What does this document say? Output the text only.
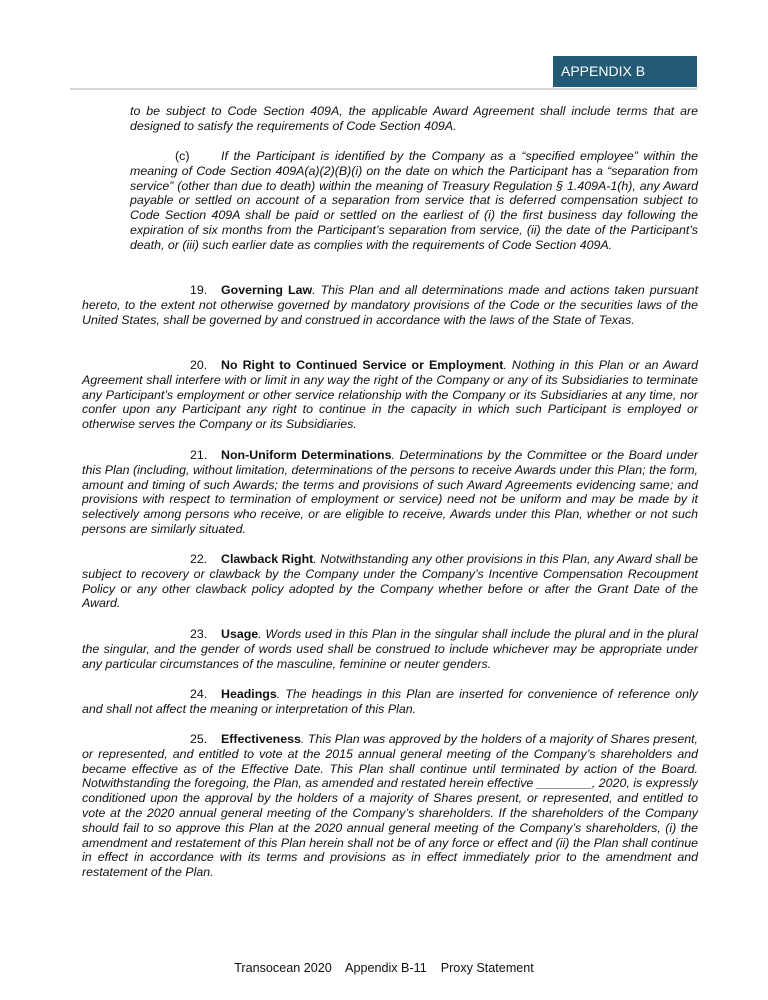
APPENDIX B
to be subject to Code Section 409A, the applicable Award Agreement shall include terms that are designed to satisfy the requirements of Code Section 409A.
(c)	If the Participant is identified by the Company as a “specified employee” within the meaning of Code Section 409A(a)(2)(B)(i) on the date on which the Participant has a “separation from service” (other than due to death) within the meaning of Treasury Regulation § 1.409A-1(h), any Award payable or settled on account of a separation from service that is deferred compensation subject to Code Section 409A shall be paid or settled on the earliest of (i) the first business day following the expiration of six months from the Participant’s separation from service, (ii) the date of the Participant’s death, or (iii) such earlier date as complies with the requirements of Code Section 409A.
19. Governing Law. This Plan and all determinations made and actions taken pursuant hereto, to the extent not otherwise governed by mandatory provisions of the Code or the securities laws of the United States, shall be governed by and construed in accordance with the laws of the State of Texas.
20. No Right to Continued Service or Employment. Nothing in this Plan or an Award Agreement shall interfere with or limit in any way the right of the Company or any of its Subsidiaries to terminate any Participant’s employment or other service relationship with the Company or its Subsidiaries at any time, nor confer upon any Participant any right to continue in the capacity in which such Participant is employed or otherwise serves the Company or its Subsidiaries.
21. Non-Uniform Determinations. Determinations by the Committee or the Board under this Plan (including, without limitation, determinations of the persons to receive Awards under this Plan; the form, amount and timing of such Awards; the terms and provisions of such Award Agreements evidencing same; and provisions with respect to termination of employment or service) need not be uniform and may be made by it selectively among persons who receive, or are eligible to receive, Awards under this Plan, whether or not such persons are similarly situated.
22. Clawback Right. Notwithstanding any other provisions in this Plan, any Award shall be subject to recovery or clawback by the Company under the Company’s Incentive Compensation Recoupment Policy or any other clawback policy adopted by the Company whether before or after the Grant Date of the Award.
23. Usage. Words used in this Plan in the singular shall include the plural and in the plural the singular, and the gender of words used shall be construed to include whichever may be appropriate under any particular circumstances of the masculine, feminine or neuter genders.
24. Headings. The headings in this Plan are inserted for convenience of reference only and shall not affect the meaning or interpretation of this Plan.
25. Effectiveness. This Plan was approved by the holders of a majority of Shares present, or represented, and entitled to vote at the 2015 annual general meeting of the Company’s shareholders and became effective as of the Effective Date. This Plan shall continue until terminated by action of the Board. Notwithstanding the foregoing, the Plan, as amended and restated herein effective ________, 2020, is expressly conditioned upon the approval by the holders of a majority of Shares present, or represented, and entitled to vote at the 2020 annual general meeting of the Company’s shareholders. If the shareholders of the Company should fail to so approve this Plan at the 2020 annual general meeting of the Company’s shareholders, (i) the amendment and restatement of this Plan herein shall not be of any force or effect and (ii) the Plan shall continue in effect in accordance with its terms and provisions as in effect immediately prior to the amendment and restatement of the Plan.
Transocean 2020    Appendix B-11    Proxy Statement
